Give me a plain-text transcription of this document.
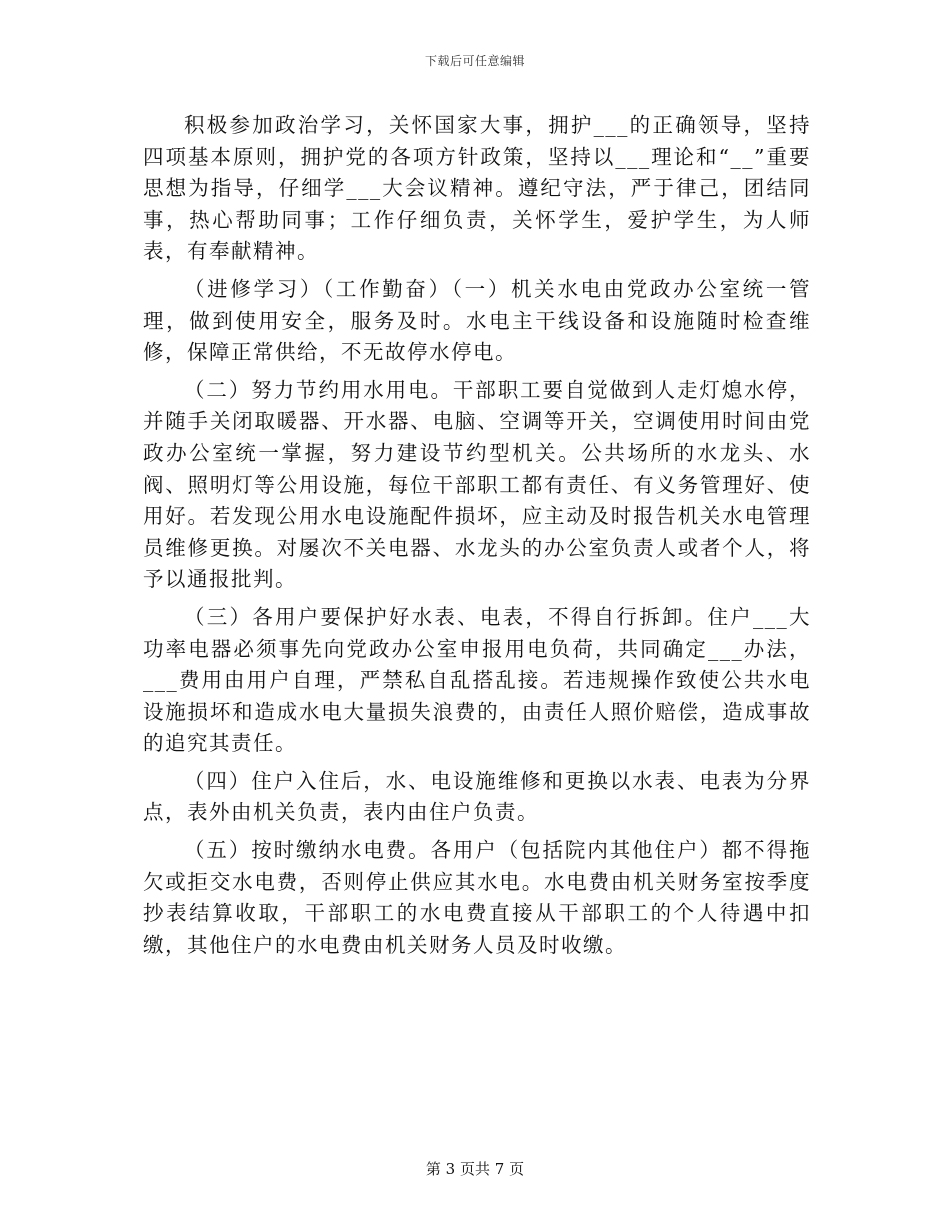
下载后可任意编辑

积极参加政治学习，关怀国家大事，拥护___的正确领导，坚持四项基本原则，拥护党的各项方针政策，坚持以___理论和“__”重要思想为指导，仔细学___大会议精神。遵纪守法，严于律己，团结同事，热心帮助同事；工作仔细负责，关怀学生，爱护学生，为人师表，有奉献精神。

（进修学习）（工作勤奋）（一）机关水电由党政办公室统一管理，做到使用安全，服务及时。水电主干线设备和设施随时检查维修，保障正常供给，不无故停水停电。

（二）努力节约用水用电。干部职工要自觉做到人走灯熄水停，并随手关闭取暖器、开水器、电脑、空调等开关，空调使用时间由党政办公室统一掌握，努力建设节约型机关。公共场所的水龙头、水阀、照明灯等公用设施，每位干部职工都有责任、有义务管理好、使用好。若发现公用水电设施配件损坏，应主动及时报告机关水电管理员维修更换。对屡次不关电器、水龙头的办公室负责人或者个人，将予以通报批判。

（三）各用户要保护好水表、电表，不得自行拆卸。住户___大功率电器必须事先向党政办公室申报用电负荷，共同确定___办法，___费用由用户自理，严禁私自乱搭乱接。若违规操作致使公共水电设施损坏和造成水电大量损失浪费的，由责任人照价赔偿，造成事故的追究其责任。

（四）住户入住后，水、电设施维修和更换以水表、电表为分界点，表外由机关负责，表内由住户负责。

（五）按时缴纳水电费。各用户（包括院内其他住户）都不得拖欠或拒交水电费，否则停止供应其水电。水电费由机关财务室按季度抄表结算收取，干部职工的水电费直接从干部职工的个人待遇中扣缴，其他住户的水电费由机关财务人员及时收缴。

第 3 页共 7 页
